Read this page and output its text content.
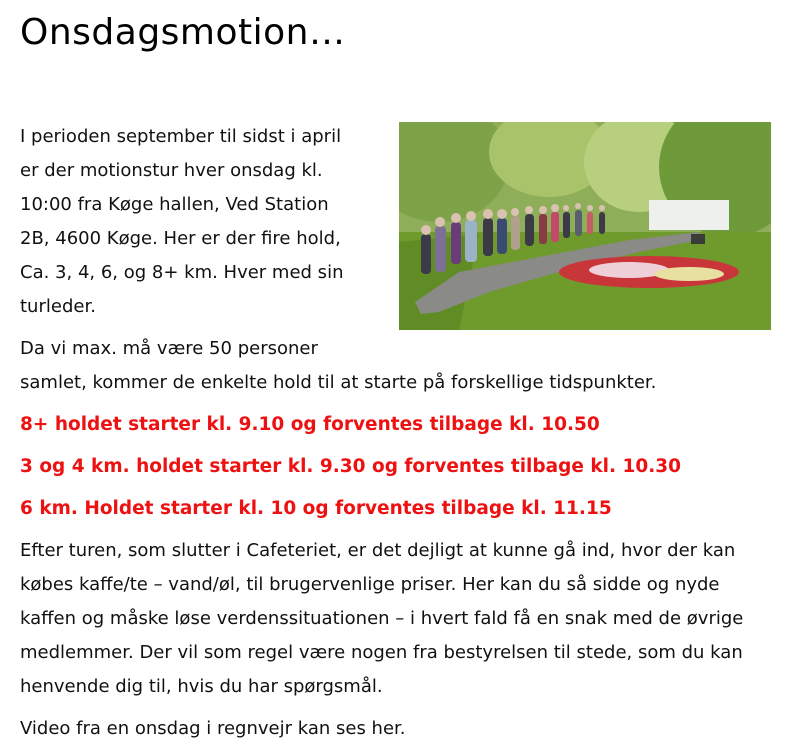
Onsdagsmotion…
I perioden september til sidst i april
er der motionstur hver onsdag kl.
10:00 fra Køge hallen, Ved Station
2B, 4600 Køge. Her er der fire hold,
Ca. 3, 4, 6, og 8+ km. Hver med sin
turleder.

Da vi max. må være 50 personer samlet, kommer de enkelte hold til at starte på forskellige tidspunkter.

8+ holdet starter kl. 9.10 og forventes tilbage kl. 10.50

3 og 4 km. holdet starter kl. 9.30 og forventes tilbage kl. 10.30

6 km. Holdet starter kl. 10 og forventes tilbage kl. 11.15

Efter turen, som slutter i Cafeteriet, er det dejligt at kunne gå ind, hvor der kan købes kaffe/te – vand/øl, til brugervenlige priser. Her kan du så sidde og nyde kaffen og måske løse verdenssituationen – i hvert fald få en snak med de øvrige medlemmer. Der vil som regel være nogen fra bestyrelsen til stede, som du kan henvende dig til, hvis du har spørgsmål.

Video fra en onsdag i regnvejr kan ses her.
